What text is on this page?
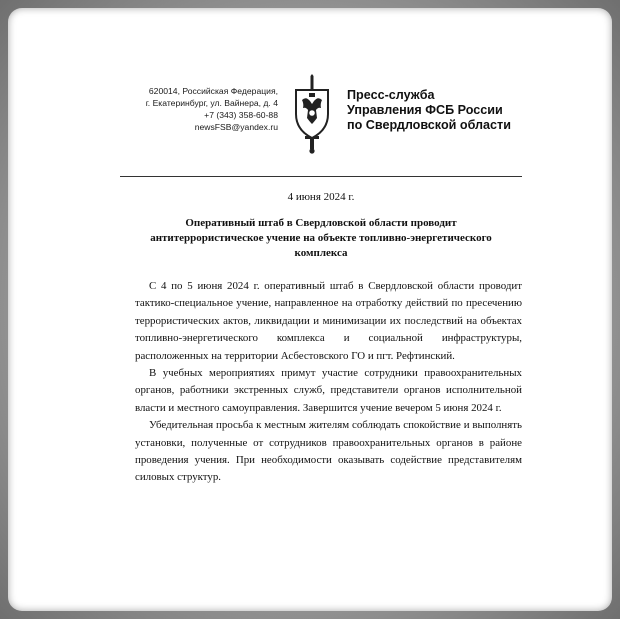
620014, Российская Федерация,
г. Екатеринбург, ул. Вайнера, д. 4
+7 (343) 358-60-88
newsFSB@yandex.ru
Пресс-служба
Управления ФСБ России
по Свердловской области
4 июня 2024 г.
Оперативный штаб в Свердловской области проводит
антитеррористическое учение на объекте топливно-энергетического
комплекса

С 4 по 5 июня 2024 г. оперативный штаб в Свердловской области проводит тактико-специальное учение, направленное на отработку действий по пресечению террористических актов, ликвидации и минимизации их последствий на объектах топливно-энергетического комплекса и социальной инфраструктуры, расположенных на территории Асбестовского ГО и пгт. Рефтинский.

В учебных мероприятиях примут участие сотрудники правоохранительных органов, работники экстренных служб, представители органов исполнительной власти и местного самоуправления. Завершится учение вечером 5 июня 2024 г.

Убедительная просьба к местным жителям соблюдать спокойствие и выполнять установки, полученные от сотрудников правоохранительных органов в районе проведения учения. При необходимости оказывать содействие представителям силовых структур.
